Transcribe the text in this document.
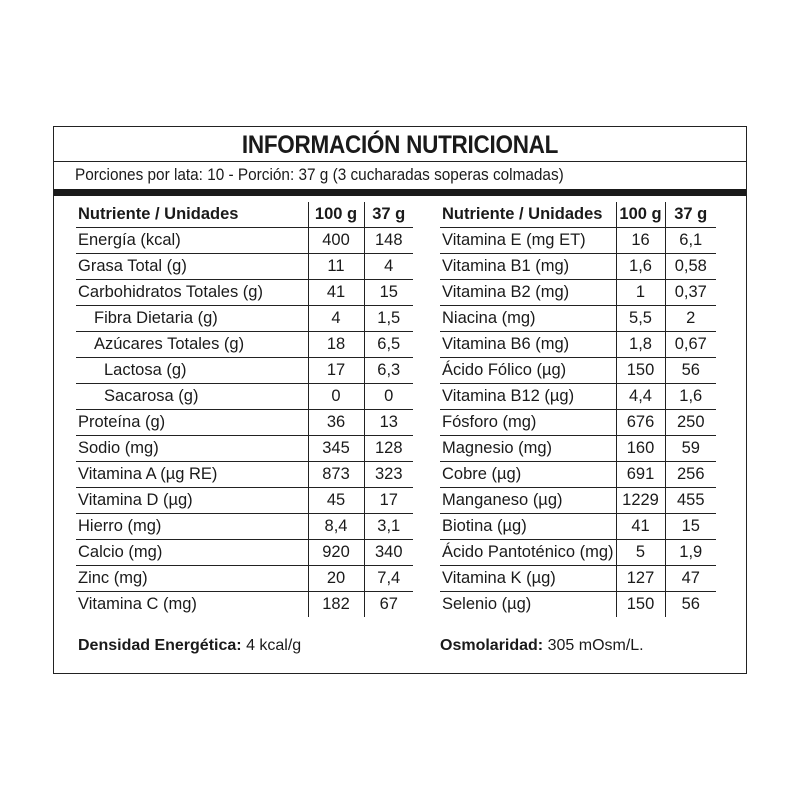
INFORMACIÓN NUTRICIONAL
Porciones por lata: 10 - Porción: 37 g (3 cucharadas soperas colmadas)
Nutriente / Unidades	100 g	37 g
Energía (kcal)	400	148
Grasa Total (g)	11	4
Carbohidratos Totales (g)	41	15
Fibra Dietaria (g)	4	1,5
Azúcares Totales (g)	18	6,5
Lactosa (g)	17	6,3
Sacarosa (g)	0	0
Proteína (g)	36	13
Sodio (mg)	345	128
Vitamina A (µg RE)	873	323
Vitamina D (µg)	45	17
Hierro (mg)	8,4	3,1
Calcio (mg)	920	340
Zinc (mg)	20	7,4
Vitamina C (mg)	182	67
Nutriente / Unidades	100 g	37 g
Vitamina E (mg ET)	16	6,1
Vitamina B1 (mg)	1,6	0,58
Vitamina B2 (mg)	1	0,37
Niacina (mg)	5,5	2
Vitamina B6 (mg)	1,8	0,67
Ácido Fólico (µg)	150	56
Vitamina B12 (µg)	4,4	1,6
Fósforo (mg)	676	250
Magnesio (mg)	160	59
Cobre (µg)	691	256
Manganeso (µg)	1229	455
Biotina (µg)	41	15
Ácido Pantoténico (mg)	5	1,9
Vitamina K (µg)	127	47
Selenio (µg)	150	56
Densidad Energética: 4 kcal/g	Osmolaridad: 305 mOsm/L.
